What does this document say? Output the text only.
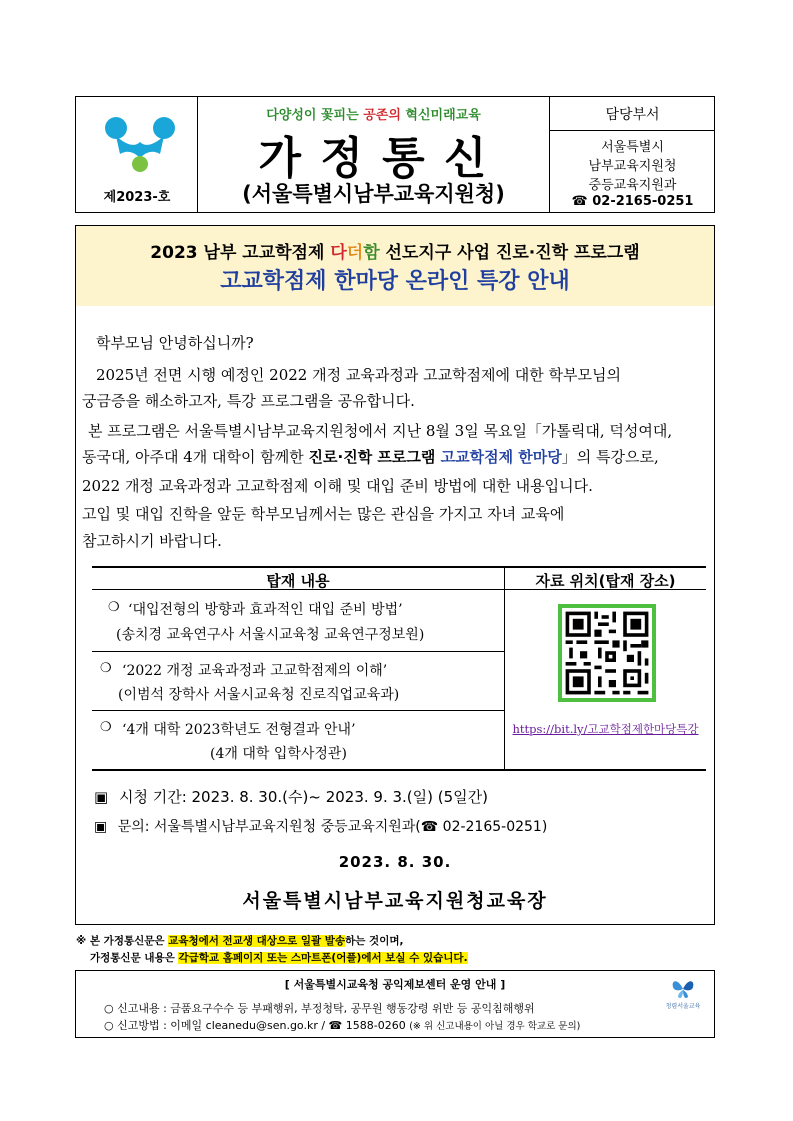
제2023-호
다양성이 꽃피는 공존의 혁신미래교육
가 정 통 신
(서울특별시남부교육지원청)
담당부서
서울특별시
남부교육지원청
중등교육지원과
☎ 02-2165-0251
2023 남부 고교학점제 다더함 선도지구 사업 진로·진학 프로그램
고교학점제 한마당 온라인 특강 안내
학부모님 안녕하십니까?
2025년 전면 시행 예정인 2022 개정 교육과정과 고교학점제에 대한 학부모님의
궁금증을 해소하고자, 특강 프로그램을 공유합니다.
본 프로그램은 서울특별시남부교육지원청에서 지난 8월 3일 목요일「가톨릭대, 덕성여대,
동국대, 아주대 4개 대학이 함께한 진로·진학 프로그램 고교학점제 한마당」의 특강으로,
2022 개정 교육과정과 고교학점제 이해 및 대입 준비 방법에 대한 내용입니다.
고입 및 대입 진학을 앞둔 학부모님께서는 많은 관심을 가지고 자녀 교육에
참고하시기 바랍니다.
탑재 내용	자료 위치(탑재 장소)
❍ ‘대입전형의 방향과 효과적인 대입 준비 방법’
(송치경 교육연구사 서울시교육청 교육연구정보원)
❍ ‘2022 개정 교육과정과 고교학점제의 이해’
(이범석 장학사 서울시교육청 진로직업교육과)
❍ ‘4개 대학 2023학년도 전형결과 안내’
(4개 대학 입학사정관)
https://bit.ly/고교학점제한마당특강
▣ 시청 기간: 2023. 8. 30.(수)~ 2023. 9. 3.(일) (5일간)
▣ 문의: 서울특별시남부교육지원청 중등교육지원과(☎ 02-2165-0251)
2023. 8. 30.
서울특별시남부교육지원청교육장
※ 본 가정통신문은 교육청에서 전교생 대상으로 일괄 발송하는 것이며,
가정통신문 내용은 각급학교 홈페이지 또는 스마트폰(어플)에서 보실 수 있습니다.
[ 서울특별시교육청 공익제보센터 운영 안내 ]
○ 신고내용 : 금품요구수수 등 부패행위, 부정청탁, 공무원 행동강령 위반 등 공익침해행위
○ 신고방법 : 이메일 cleanedu@sen.go.kr / ☎ 1588-0260 (※ 위 신고내용이 아닐 경우 학교로 문의)
청렴서울교육
